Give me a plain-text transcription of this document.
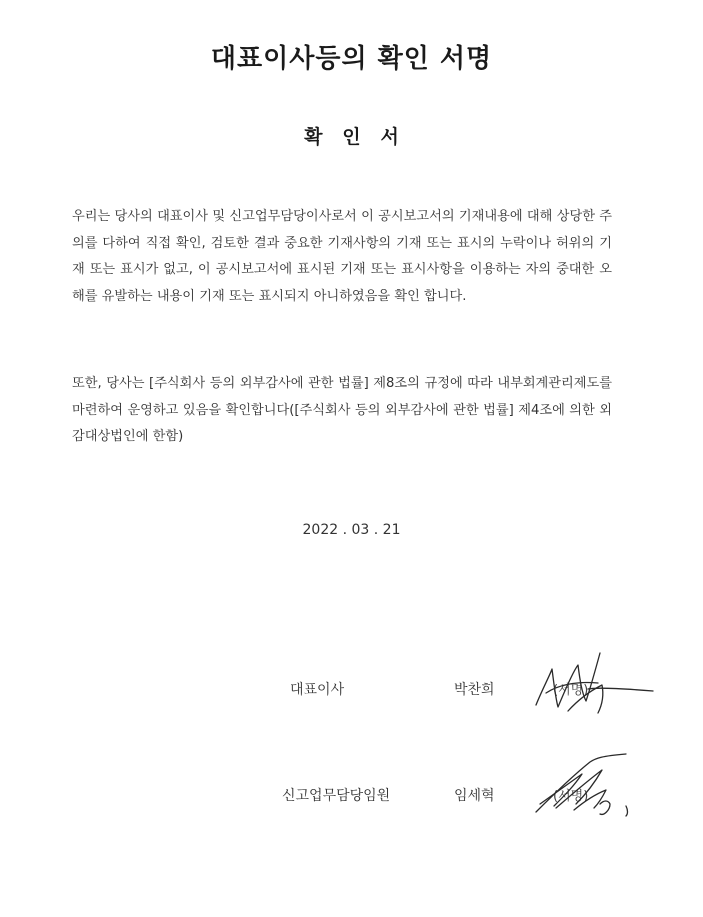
대표이사등의 확인 서명
확   인   서
우리는 당사의 대표이사 및 신고업무담당이사로서 이 공시보고서의 기재내용에 대해 상당한 주의를 다하여 직접 확인, 검토한 결과 중요한 기재사항의 기재 또는 표시의 누락이나 허위의 기재 또는 표시가 없고, 이 공시보고서에 표시된 기재 또는 표시사항을 이용하는 자의 중대한 오해를 유발하는 내용이 기재 또는 표시되지 아니하였음을 확인 합니다.
또한, 당사는 [주식회사 등의 외부감사에 관한 법률] 제8조의 규정에 따라 내부회계관리제도를 마련하여 운영하고 있음을 확인합니다([주식회사 등의 외부감사에 관한 법률] 제4조에 의한 외감대상법인에 한함)
2022 . 03 . 21
대표이사	박찬희	(서명)
신고업무담당임원	임세혁	(서명)
